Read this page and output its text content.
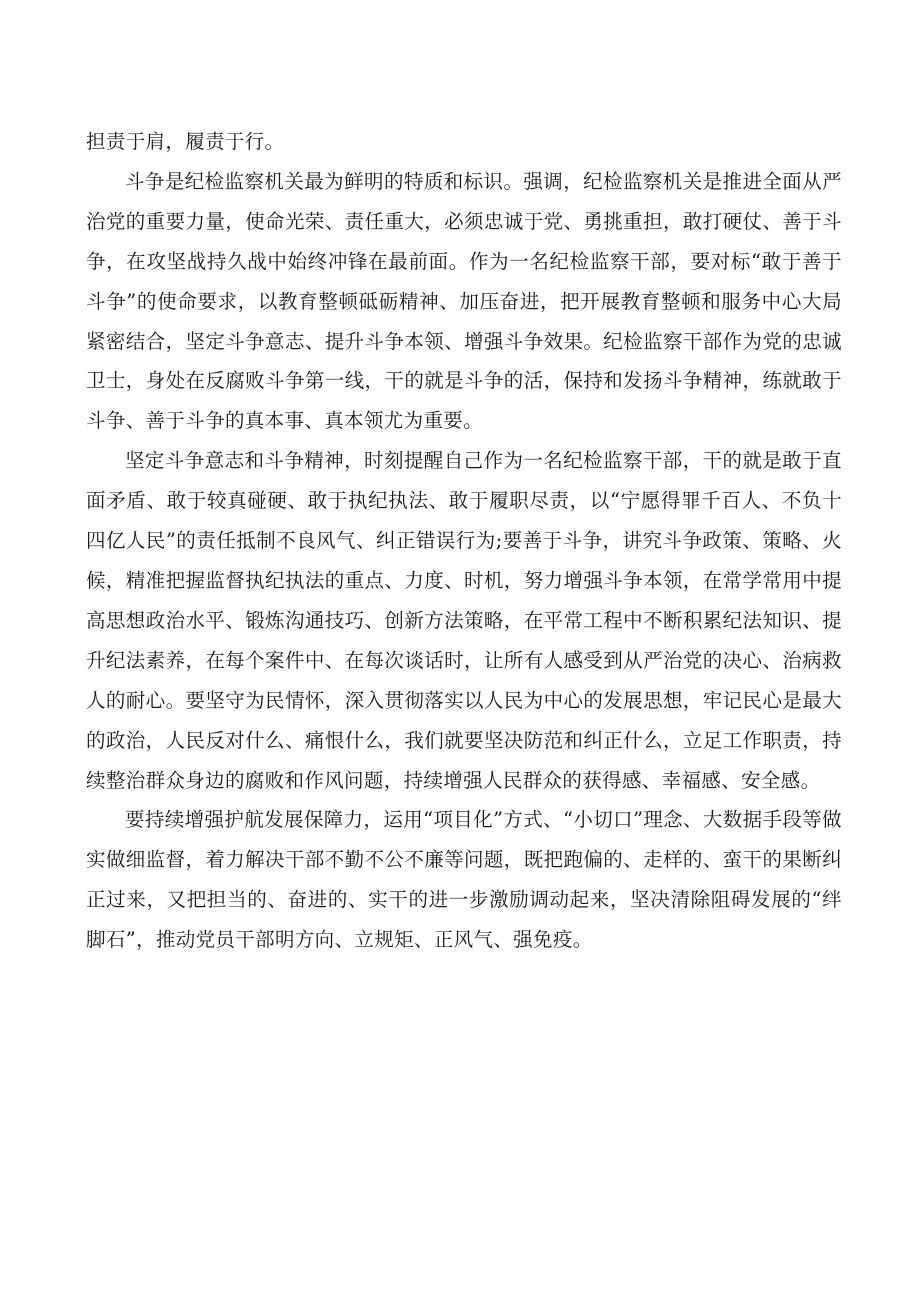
担责于肩，履责于行。

斗争是纪检监察机关最为鲜明的特质和标识。强调，纪检监察机关是推进全面从严治党的重要力量，使命光荣、责任重大，必须忠诚于党、勇挑重担，敢打硬仗、善于斗争，在攻坚战持久战中始终冲锋在最前面。作为一名纪检监察干部，要对标“敢于善于斗争”的使命要求，以教育整顿砥砺精神、加压奋进，把开展教育整顿和服务中心大局紧密结合，坚定斗争意志、提升斗争本领、增强斗争效果。纪检监察干部作为党的忠诚卫士，身处在反腐败斗争第一线，干的就是斗争的活，保持和发扬斗争精神，练就敢于斗争、善于斗争的真本事、真本领尤为重要。

坚定斗争意志和斗争精神，时刻提醒自己作为一名纪检监察干部，干的就是敢于直面矛盾、敢于较真碰硬、敢于执纪执法、敢于履职尽责，以“宁愿得罪千百人、不负十四亿人民”的责任抵制不良风气、纠正错误行为;要善于斗争，讲究斗争政策、策略、火候，精准把握监督执纪执法的重点、力度、时机，努力增强斗争本领，在常学常用中提高思想政治水平、锻炼沟通技巧、创新方法策略，在平常工程中不断积累纪法知识、提升纪法素养，在每个案件中、在每次谈话时，让所有人感受到从严治党的决心、治病救人的耐心。要坚守为民情怀，深入贯彻落实以人民为中心的发展思想，牢记民心是最大的政治，人民反对什么、痛恨什么，我们就要坚决防范和纠正什么，立足工作职责，持续整治群众身边的腐败和作风问题，持续增强人民群众的获得感、幸福感、安全感。

要持续增强护航发展保障力，运用“项目化”方式、“小切口”理念、大数据手段等做实做细监督，着力解决干部不勤不公不廉等问题，既把跑偏的、走样的、蛮干的果断纠正过来，又把担当的、奋进的、实干的进一步激励调动起来，坚决清除阻碍发展的“绊脚石”，推动党员干部明方向、立规矩、正风气、强免疫。
